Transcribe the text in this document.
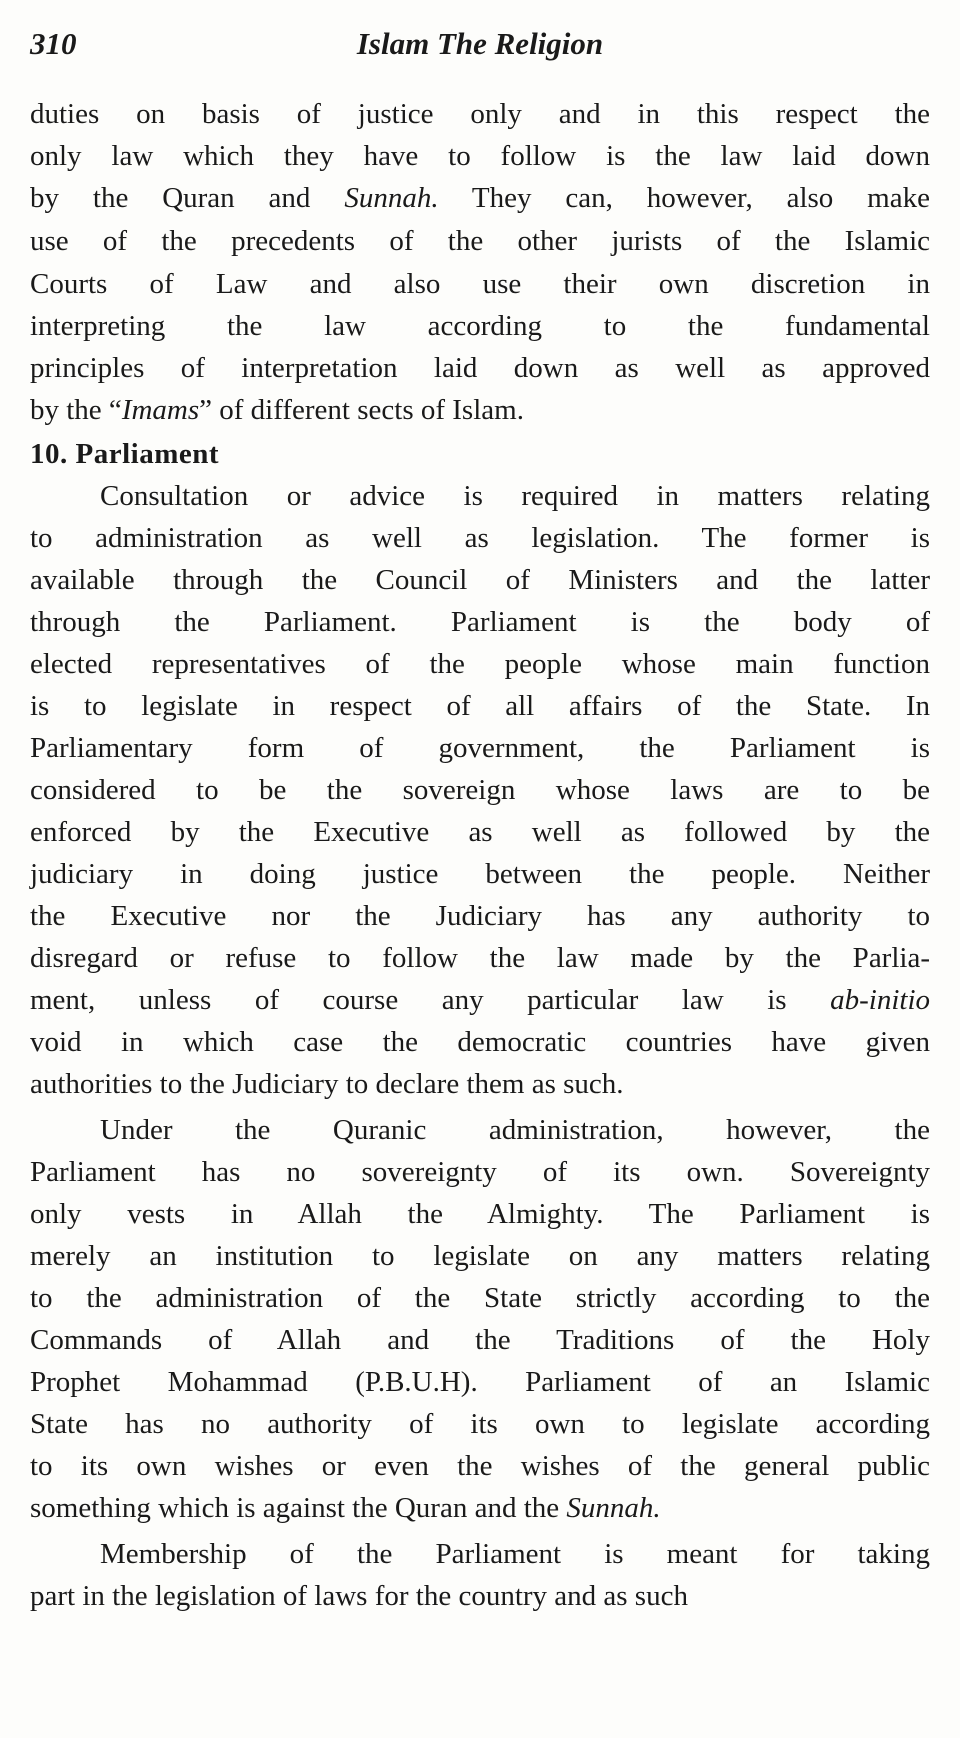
310	Islam The Religion
duties on basis of justice only and in this respect the
only law which they have to follow is the law laid down
by the Quran and Sunnah. They can, however, also make
use of the precedents of the other jurists of the Islamic
Courts of Law and also use their own discretion in
interpreting the law according to the fundamental
principles of interpretation laid down as well as approved
by the “Imams” of different sects of Islam.
10. Parliament
Consultation or advice is required in matters relating
to administration as well as legislation. The former is
available through the Council of Ministers and the latter
through the Parliament. Parliament is the body of
elected representatives of the people whose main function
is to legislate in respect of all affairs of the State. In
Parliamentary form of government, the Parliament is
considered to be the sovereign whose laws are to be
enforced by the Executive as well as followed by the
judiciary in doing justice between the people. Neither
the Executive nor the Judiciary has any authority to
disregard or refuse to follow the law made by the Parlia-
ment, unless of course any particular law is ab-initio
void in which case the democratic countries have given
authorities to the Judiciary to declare them as such.
Under the Quranic administration, however, the
Parliament has no sovereignty of its own. Sovereignty
only vests in Allah the Almighty. The Parliament is
merely an institution to legislate on any matters relating
to the administration of the State strictly according to the
Commands of Allah and the Traditions of the Holy
Prophet Mohammad (P.B.U.H). Parliament of an Islamic
State has no authority of its own to legislate according
to its own wishes or even the wishes of the general public
something which is against the Quran and the Sunnah.
Membership of the Parliament is meant for taking
part in the legislation of laws for the country and as such
